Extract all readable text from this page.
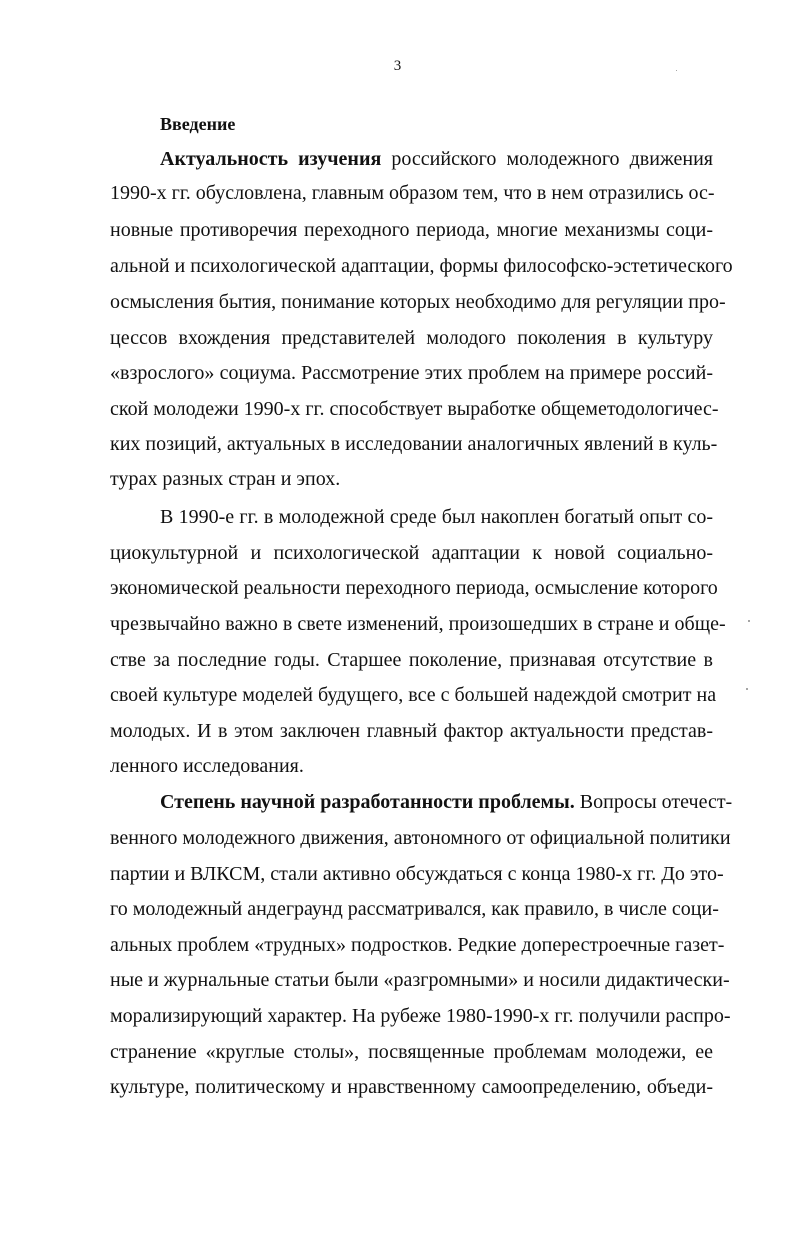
3
Введение
Актуальность изучения российского молодежного движения
1990-х гг. обусловлена, главным образом тем, что в нем отразились ос-
новные противоречия переходного периода, многие механизмы соци-
альной и психологической адаптации, формы философско-эстетического
осмысления бытия, понимание которых необходимо для регуляции про-
цессов вхождения представителей молодого поколения в культуру
«взрослого» социума. Рассмотрение этих проблем на примере россий-
ской молодежи 1990-х гг. способствует выработке общеметодологичес-
ких позиций, актуальных в исследовании аналогичных явлений в куль-
турах разных стран и эпох.
В 1990-е гг. в молодежной среде был накоплен богатый опыт со-
циокультурной и психологической адаптации к новой социально-
экономической реальности переходного периода, осмысление которого
чрезвычайно важно в свете изменений, произошедших в стране и обще-
стве за последние годы. Старшее поколение, признавая отсутствие в
своей культуре моделей будущего, все с большей надеждой смотрит на
молодых. И в этом заключен главный фактор актуальности представ-
ленного исследования.
Степень научной разработанности проблемы. Вопросы отечест-
венного молодежного движения, автономного от официальной политики
партии и ВЛКСМ, стали активно обсуждаться с конца 1980-х гг. До это-
го молодежный андеграунд рассматривался, как правило, в числе соци-
альных проблем «трудных» подростков. Редкие доперестроечные газет-
ные и журнальные статьи были «разгромными» и носили дидактически-
морализирующий характер. На рубеже 1980-1990-х гг. получили распро-
странение «круглые столы», посвященные проблемам молодежи, ее
культуре, политическому и нравственному самоопределению, объеди-
